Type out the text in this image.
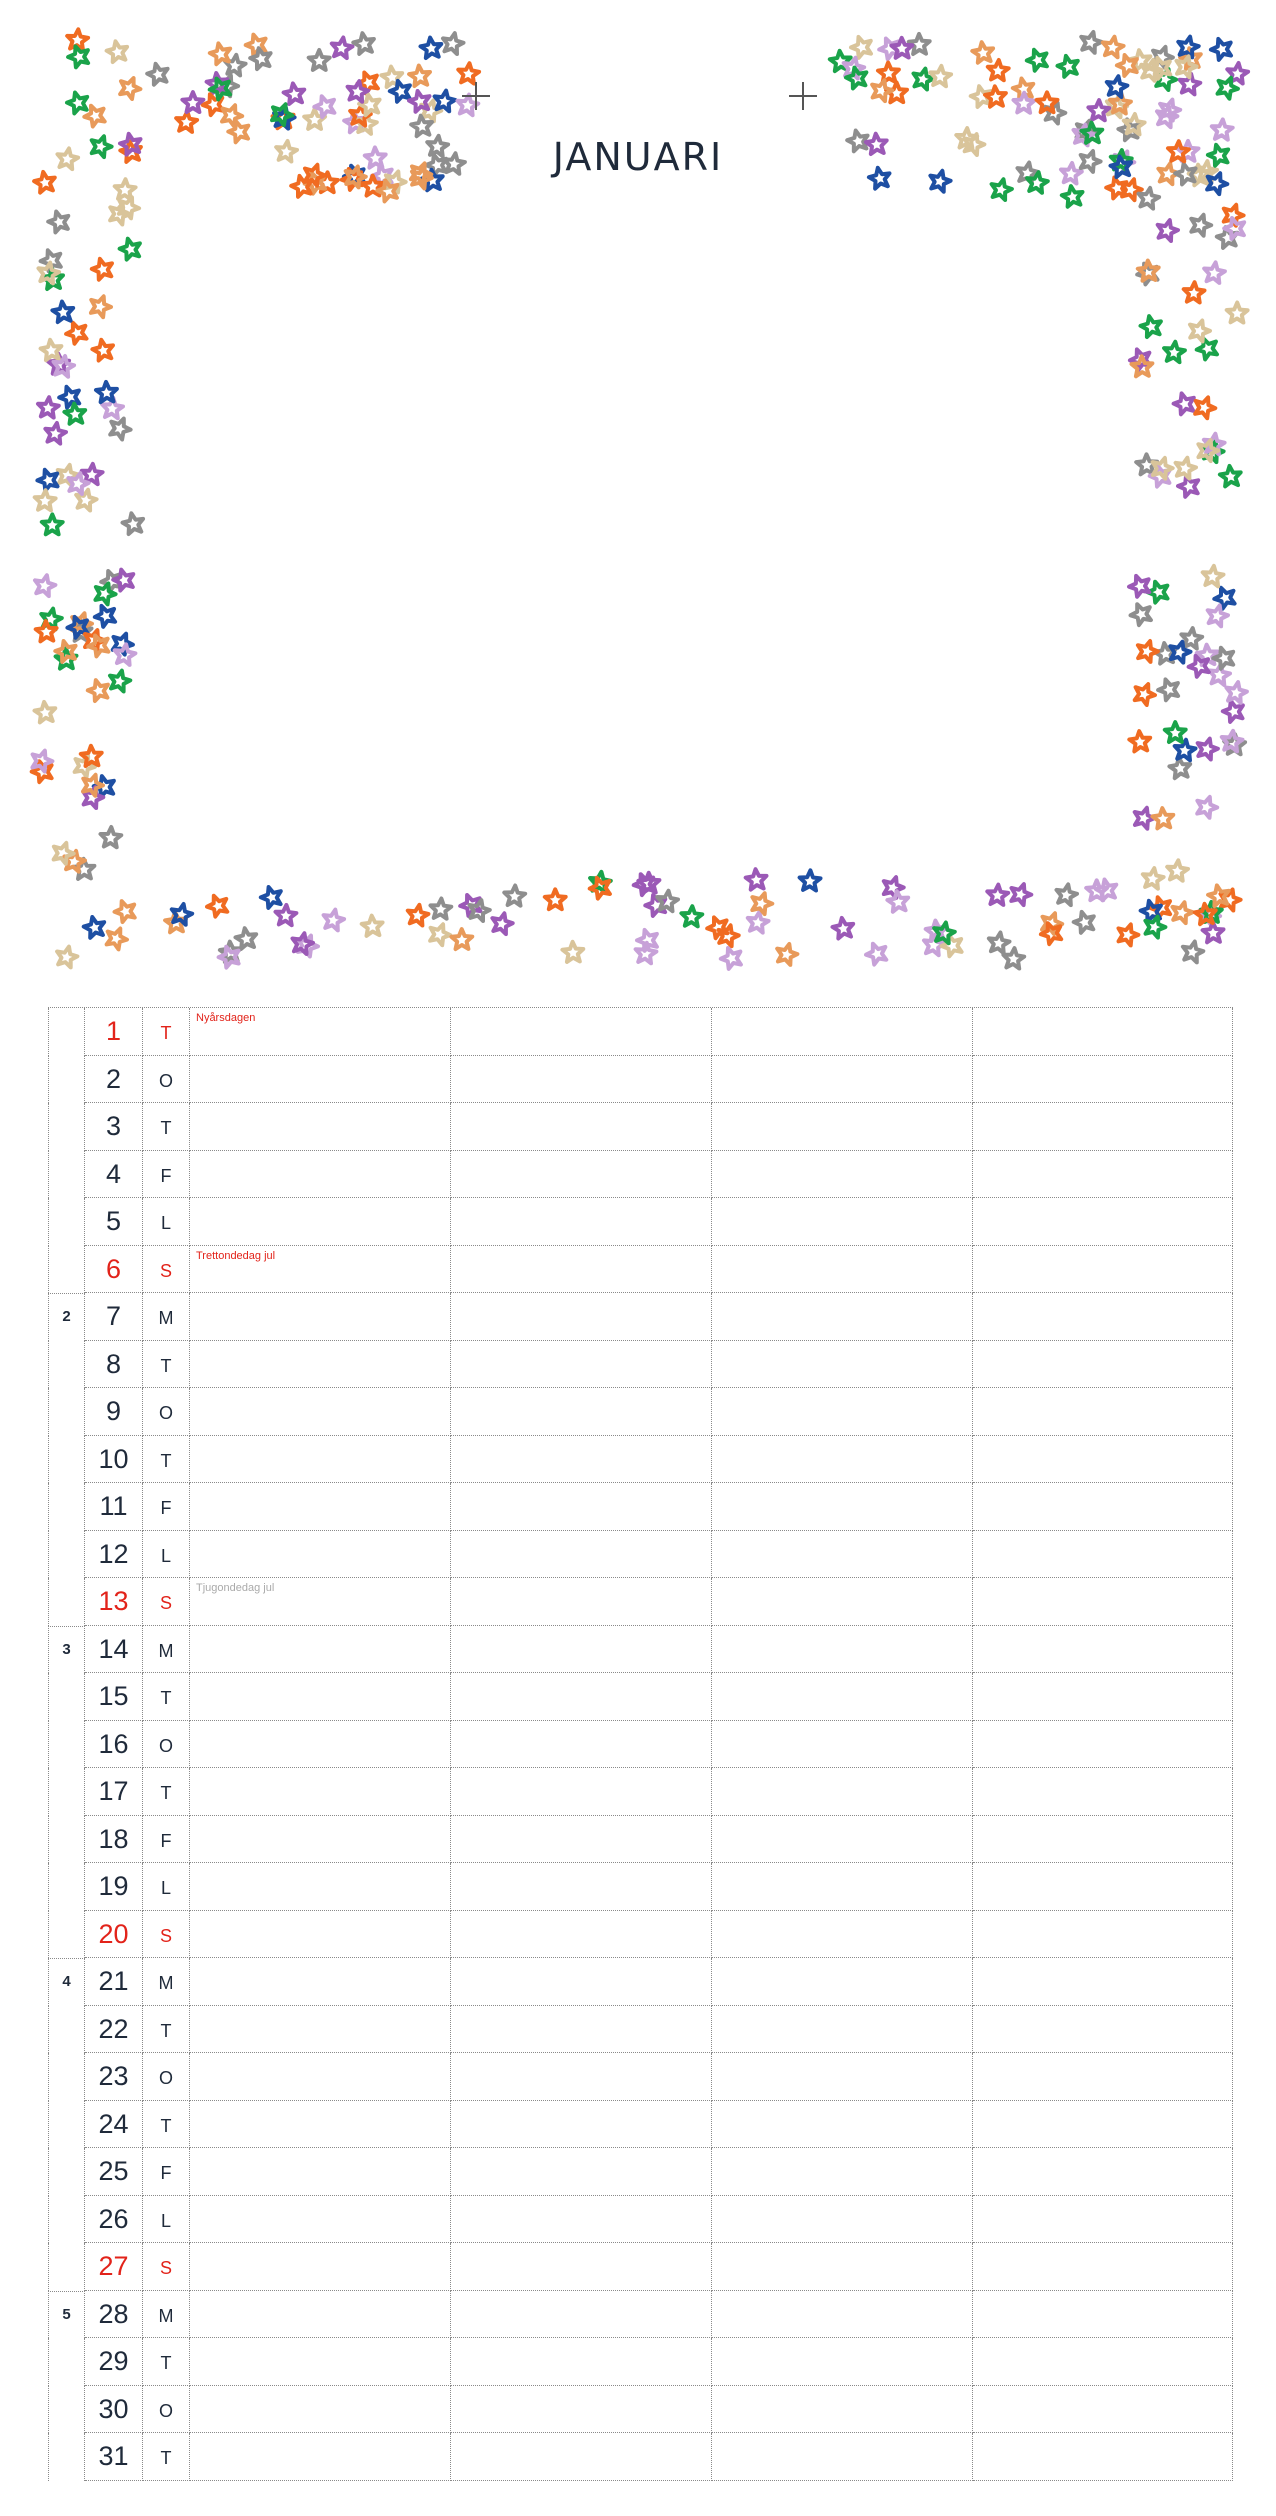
JANUARI
1	T
Nyårsdagen
2	O
3	T
4	F
5	L
6	S
Trettondedag jul
2	7	M
8	T
9	O
10	T
11	F
12	L
13	S
Tjugondedag jul
3	14	M
15	T
16	O
17	T
18	F
19	L
20	S
4	21	M
22	T
23	O
24	T
25	F
26	L
27	S
5	28	M
29	T
30	O
31	T
